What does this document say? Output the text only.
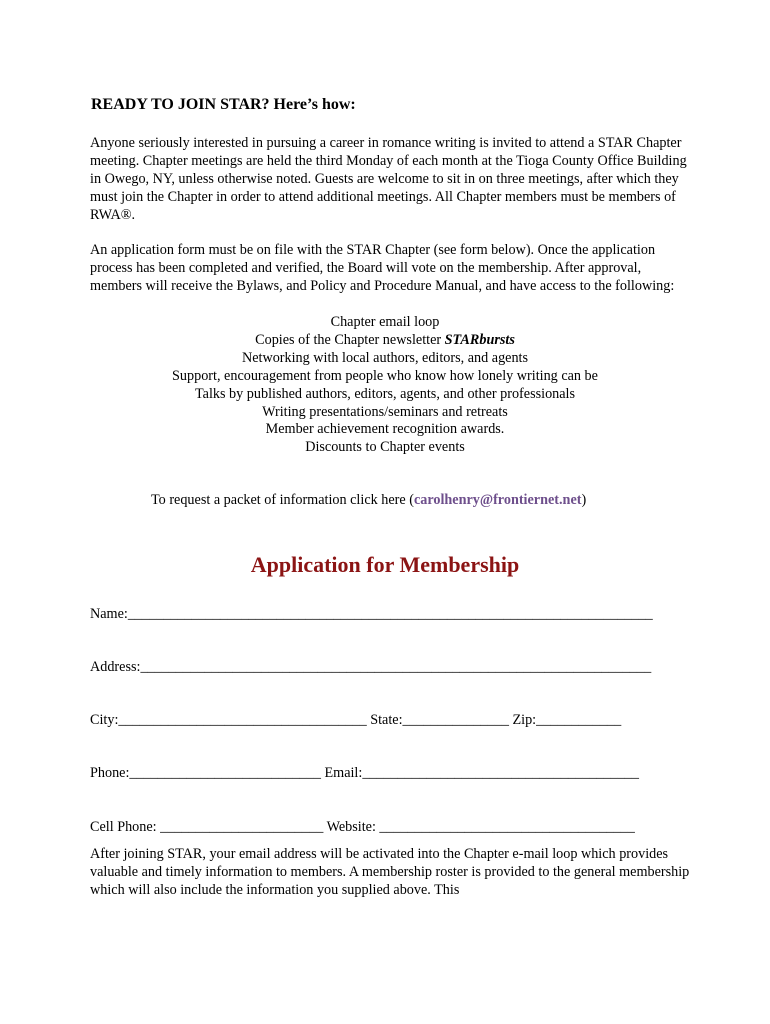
READY TO JOIN STAR? Here’s how:

Anyone seriously interested in pursuing a career in romance writing is invited to attend a STAR Chapter meeting. Chapter meetings are held the third Monday of each month at the Tioga County Office Building in Owego, NY, unless otherwise noted. Guests are welcome to sit in on three meetings, after which they must join the Chapter in order to attend additional meetings. All Chapter members must be members of RWA®.

An application form must be on file with the STAR Chapter (see form below). Once the application process has been completed and verified, the Board will vote on the membership. After approval, members will receive the Bylaws, and Policy and Procedure Manual, and have access to the following:

Chapter email loop
Copies of the Chapter newsletter STARbursts
Networking with local authors, editors, and agents
Support, encouragement from people who know how lonely writing can be
Talks by published authors, editors, agents, and other professionals
Writing presentations/seminars and retreats
Member achievement recognition awards.
Discounts to Chapter events

To request a packet of information click here (carolhenry@frontiernet.net)

Application for Membership

Name:__________________________________________________________________________

Address:________________________________________________________________________

City:___________________________________ State:_______________ Zip:____________

Phone:___________________________ Email:_______________________________________

Cell Phone: _______________________ Website: ____________________________________

After joining STAR, your email address will be activated into the Chapter e-mail loop which provides valuable and timely information to members. A membership roster is provided to the general membership which will also include the information you supplied above. This
